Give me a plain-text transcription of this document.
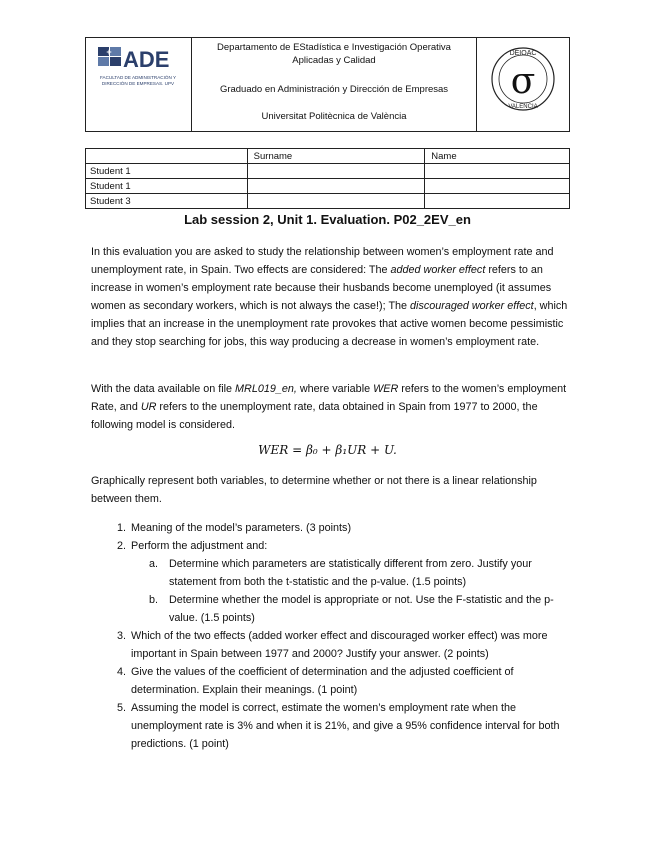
+ ADE
FACULTAD DE ADMINISTRACIÓN Y
DIRECCIÓN DE EMPRESAS. UPV
Departamento de EStadística e Investigación Operativa
Aplicadas y Calidad
Graduado en Administración y Dirección de Empresas
Universitat Politècnica de València
DEIOAC
σ
VALENCIA
	Surname	Name
Student 1		
Student 1		
Student 3		
Lab session 2, Unit 1. Evaluation. P02_2EV_en
In this evaluation you are asked to study the relationship between women’s employment rate and unemployment rate, in Spain. Two effects are considered: The added worker effect refers to an increase in women’s employment rate because their husbands become unemployed (it assumes women as secondary workers, which is not always the case!); The discouraged worker effect, which implies that an increase in the unemployment rate provokes that active women become pessimistic and they stop searching for jobs, this way producing a decrease in women’s employment rate.
With the data available on file MRL019_en, where variable WER refers to the women’s employment Rate, and UR refers to the unemployment rate, data obtained in Spain from 1977 to 2000, the following model is considered.
WER = β₀ + β₁UR + U.
Graphically represent both variables, to determine whether or not there is a linear relationship between them.
1. Meaning of the model’s parameters. (3 points)
2. Perform the adjustment and:
a. Determine which parameters are statistically different from zero. Justify your statement from both the t-statistic and the p-value. (1.5 points)
b. Determine whether the model is appropriate or not. Use the F-statistic and the p-value. (1.5 points)
3. Which of the two effects (added worker effect and discouraged worker effect) was more important in Spain between 1977 and 2000? Justify your answer. (2 points)
4. Give the values of the coefficient of determination and the adjusted coefficient of determination. Explain their meanings. (1 point)
5. Assuming the model is correct, estimate the women’s employment rate when the unemployment rate is 3% and when it is 21%, and give a 95% confidence interval for both predictions. (1 point)
